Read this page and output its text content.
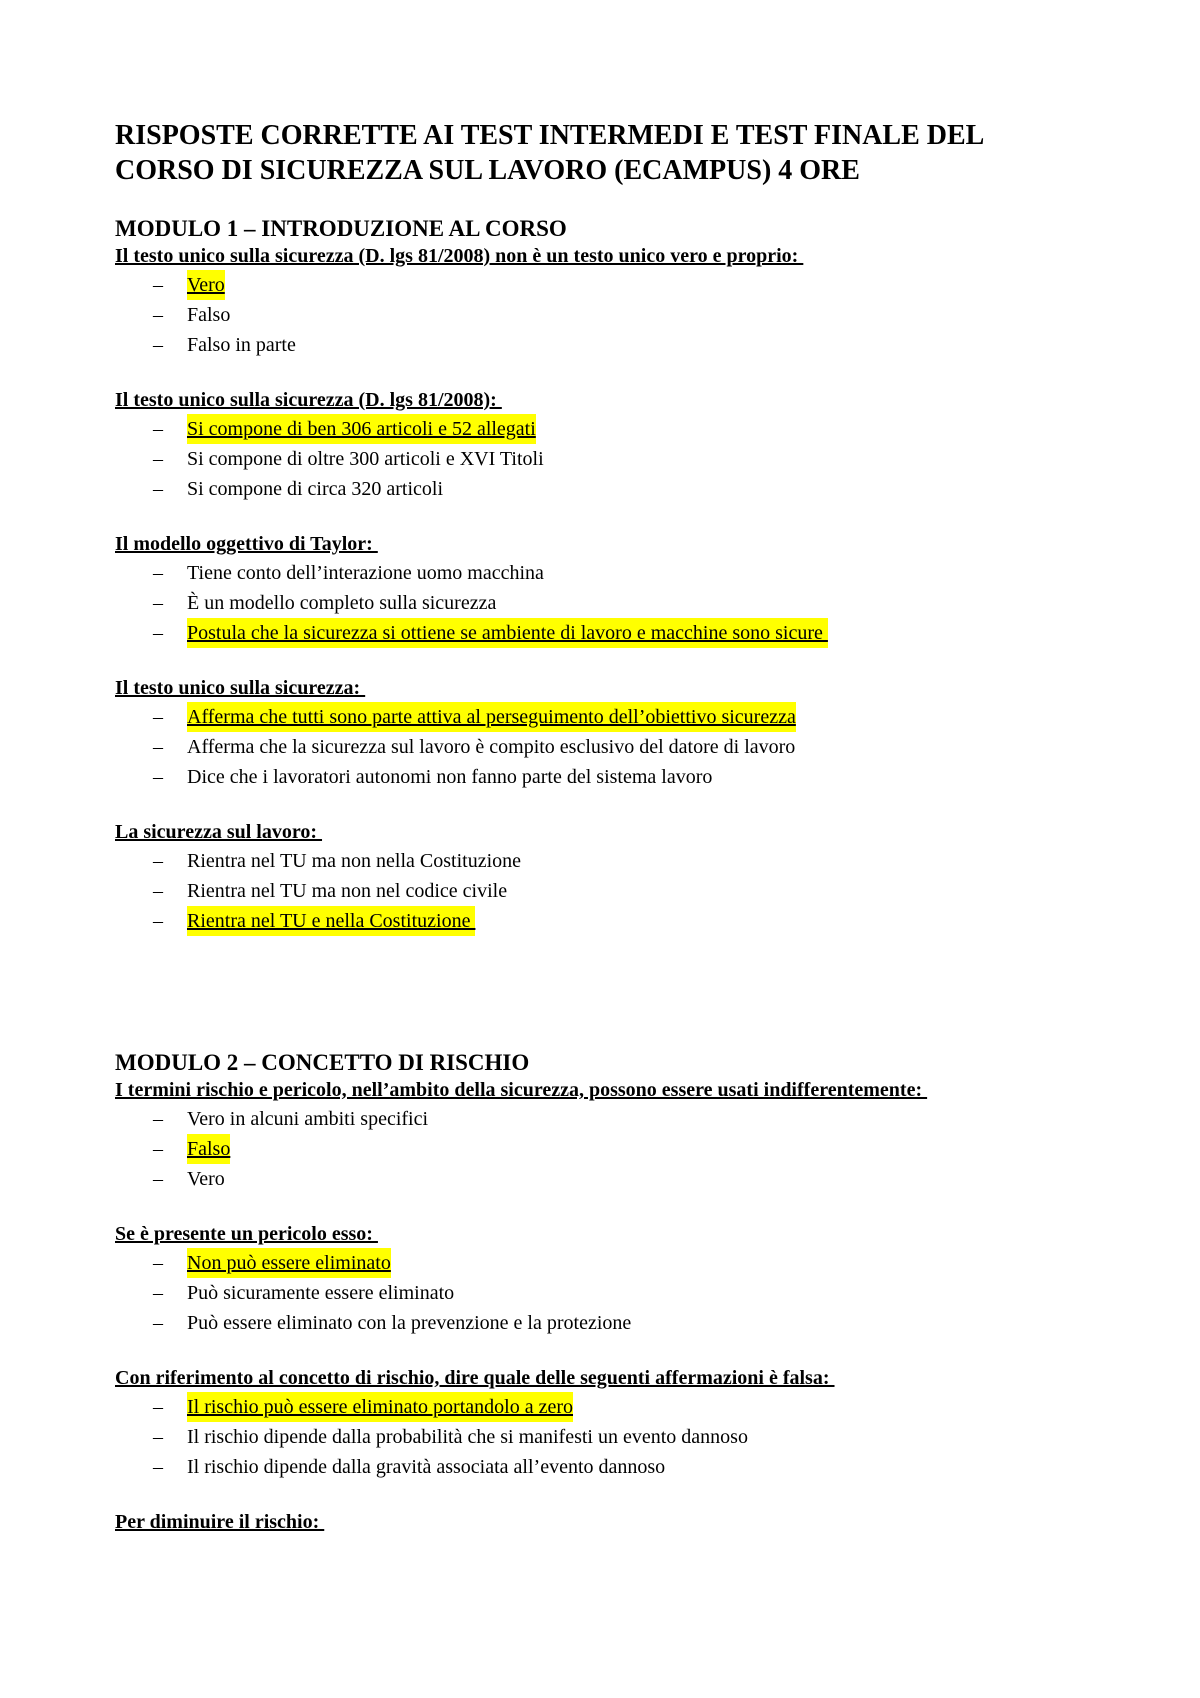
RISPOSTE CORRETTE AI TEST INTERMEDI E TEST FINALE DEL
CORSO DI SICUREZZA SUL LAVORO (ECAMPUS) 4 ORE
MODULO 1 – INTRODUZIONE AL CORSO

Il testo unico sulla sicurezza (D. lgs 81/2008) non è un testo unico vero e proprio:

–	Vero
–	Falso
–	Falso in parte

Il testo unico sulla sicurezza (D. lgs 81/2008):

–	Si compone di ben 306 articoli e 52 allegati
–	Si compone di oltre 300 articoli e XVI Titoli
–	Si compone di circa 320 articoli

Il modello oggettivo di Taylor:

–	Tiene conto dell’interazione uomo macchina
–	È un modello completo sulla sicurezza
–	Postula che la sicurezza si ottiene se ambiente di lavoro e macchine sono sicure

Il testo unico sulla sicurezza:

–	Afferma che tutti sono parte attiva al perseguimento dell’obiettivo sicurezza
–	Afferma che la sicurezza sul lavoro è compito esclusivo del datore di lavoro
–	Dice che i lavoratori autonomi non fanno parte del sistema lavoro

La sicurezza sul lavoro:

–	Rientra nel TU ma non nella Costituzione
–	Rientra nel TU ma non nel codice civile
–	Rientra nel TU e nella Costituzione
MODULO 2 – CONCETTO DI RISCHIO

I termini rischio e pericolo, nell’ambito della sicurezza, possono essere usati indifferentemente:

–	Vero in alcuni ambiti specifici
–	Falso
–	Vero

Se è presente un pericolo esso:

–	Non può essere eliminato
–	Può sicuramente essere eliminato
–	Può essere eliminato con la prevenzione e la protezione

Con riferimento al concetto di rischio, dire quale delle seguenti affermazioni è falsa:

–	Il rischio può essere eliminato portandolo a zero
–	Il rischio dipende dalla probabilità che si manifesti un evento dannoso
–	Il rischio dipende dalla gravità associata all’evento dannoso

Per diminuire il rischio:
